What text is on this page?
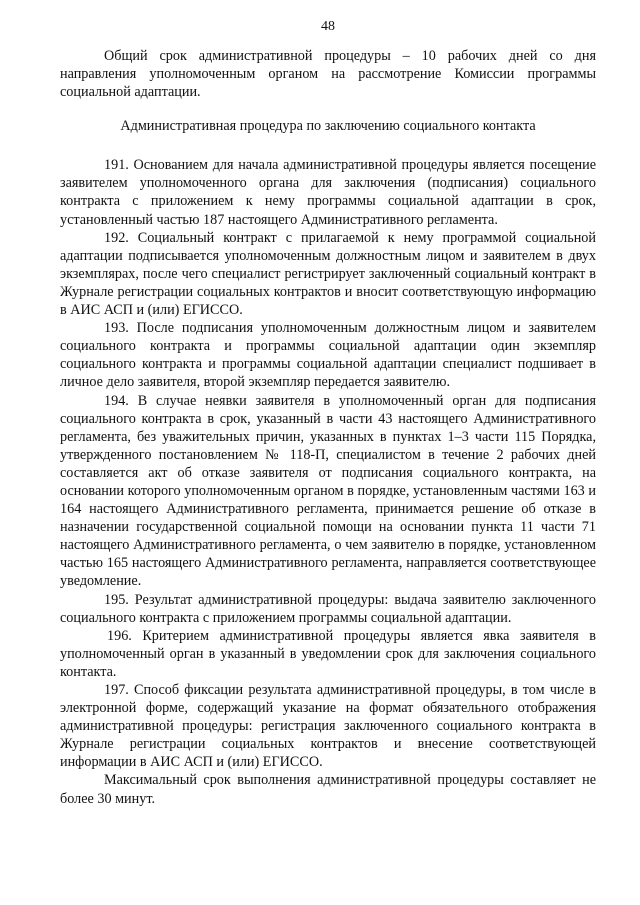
48

Общий срок административной процедуры – 10 рабочих дней со дня направления уполномоченным органом на рассмотрение Комиссии программы социальной адаптации.

Административная процедура по заключению социального контакта

191. Основанием для начала административной процедуры является посещение заявителем уполномоченного органа для заключения (подписания) социального контракта с приложением к нему программы социальной адаптации в срок, установленный частью 187 настоящего Административного регламента.

192. Социальный контракт с прилагаемой к нему программой социальной адаптации подписывается уполномоченным должностным лицом и заявителем в двух экземплярах, после чего специалист регистрирует заключенный социальный контракт в Журнале регистрации социальных контрактов и вносит соответствующую информацию в АИС АСП и (или) ЕГИССО.

193. После подписания уполномоченным должностным лицом и заявителем социального контракта и программы социальной адаптации один экземпляр социального контракта и программы социальной адаптации специалист подшивает в личное дело заявителя, второй экземпляр передается заявителю.

194. В случае неявки заявителя в уполномоченный орган для подписания социального контракта в срок, указанный в части 43 настоящего Административного регламента, без уважительных причин, указанных в пунктах 1–3 части 115 Порядка, утвержденного постановлением № 118-П, специалистом в течение 2 рабочих дней составляется акт об отказе заявителя от подписания социального контракта, на основании которого уполномоченным органом в порядке, установленным частями 163 и 164 настоящего Административного регламента, принимается решение об отказе в назначении государственной социальной помощи на основании пункта 11 части 71 настоящего Административного регламента, о чем заявителю в порядке, установленном частью 165 настоящего Административного регламента, направляется соответствующее уведомление.

195. Результат административной процедуры: выдача заявителю заключенного социального контракта с приложением программы социальной адаптации.

196. Критерием административной процедуры является явка заявителя в уполномоченный орган в указанный в уведомлении срок для заключения социального контакта.

197. Способ фиксации результата административной процедуры, в том числе в электронной форме, содержащий указание на формат обязательного отображения административной процедуры: регистрация заключенного социального контракта в Журнале регистрации социальных контрактов и внесение соответствующей информации в АИС АСП и (или) ЕГИССО.

Максимальный срок выполнения административной процедуры составляет не более 30 минут.
